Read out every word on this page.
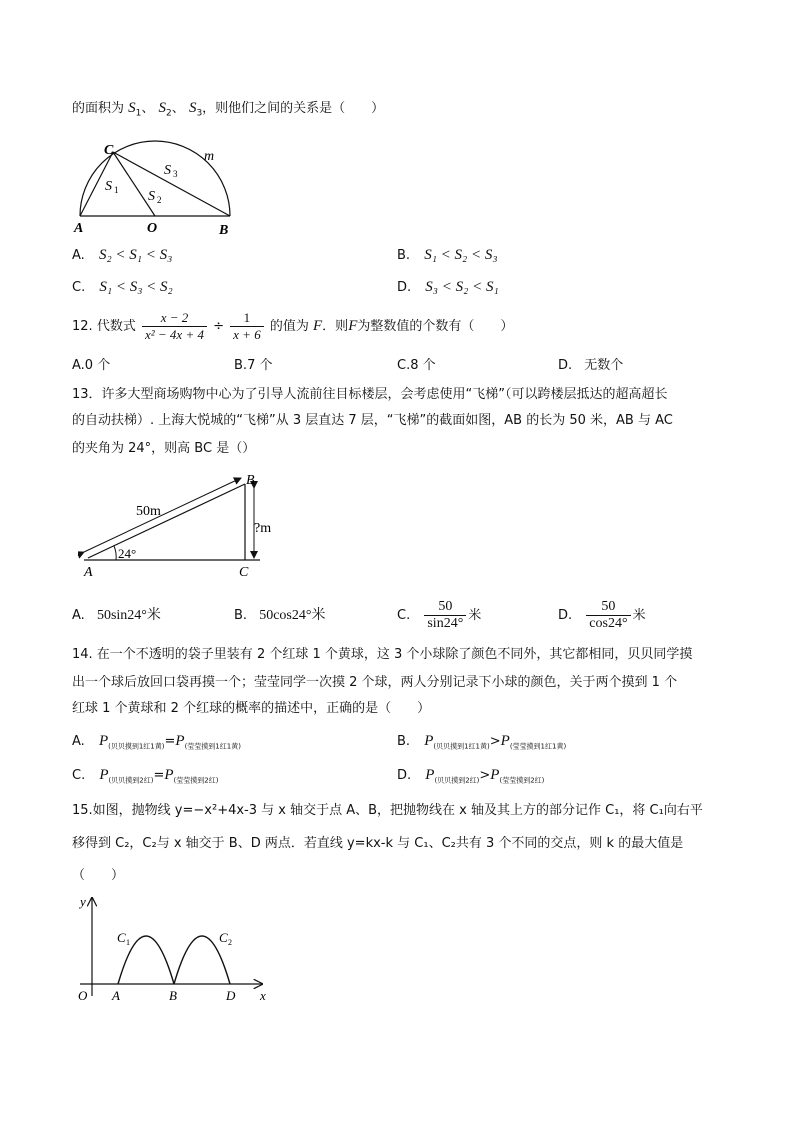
的面积为 $S_1$、 $S_2$、 $S_3$，则他们之间的关系是（　　）
C	m
S 1 S 2
S 3
A	O	B
A. S₂ < S₁ < S₃	B. S₁ < S₂ < S₃
C. S₁ < S₃ < S₂	D. S₃ < S₂ < S₁
12. 代数式 $\frac{x - 2}{\text{x² − 4x + 4}} \div \frac{1}{x + 6}$ 的值为 F．则F为整数值的个数有（　　）
A.0 个	B.7 个	C.8 个	D. 无数个
13．许多大型商场购物中心为了引导人流前往目标楼层，会考虑使用“飞梯”（可以跨楼层抵达的超高超长
的自动扶梯）. 上海大悦城的“飞梯”从 3 层直达 7 层，“飞梯”的截面如图，AB 的长为 50 米，AB 与 AC
的夹角为 24°，则高 BC 是（）
B
50m
?m
24°
A	C
A. 50sin24°米	B. 50cos24°米	C. $\frac{50}{\sin 24^\circ}$ 米	D. $\frac{50}{\cos 24^\circ}$ 米
14. 在一个不透明的袋子里装有 2 个红球 1 个黄球，这 3 个小球除了颜色不同外，其它都相同，贝贝同学摸
出一个球后放回口袋再摸一个；莹莹同学一次摸 2 个球，两人分别记录下小球的颜色，关于两个摸到 1 个
红球 1 个黄球和 2 个红球的概率的描述中，正确的是（　　）
A. $P_{(贝贝摸到1红1黄)}=P_{(莹莹摸到1红1黄)}$	B. $P_{(贝贝摸到1红1黄)}>P_{(莹莹摸到1红1黄)}$
C. $P_{(贝贝摸到2红)}=P_{(莹莹摸到2红)}$	D. $P_{(贝贝摸到2红)}>P_{(莹莹摸到2红)}$
15.如图，抛物线 y=−x²+4x-3 与 x 轴交于点 A、B，把抛物线在 x 轴及其上方的部分记作 C₁，将 C₁向右平
移得到 C₂，C₂与 x 轴交于 B、D 两点．若直线 y=kx-k 与 C₁、C₂共有 3 个不同的交点，则 k 的最大值是
（　　）
y
x
O A	B	D
C 1	C 2
